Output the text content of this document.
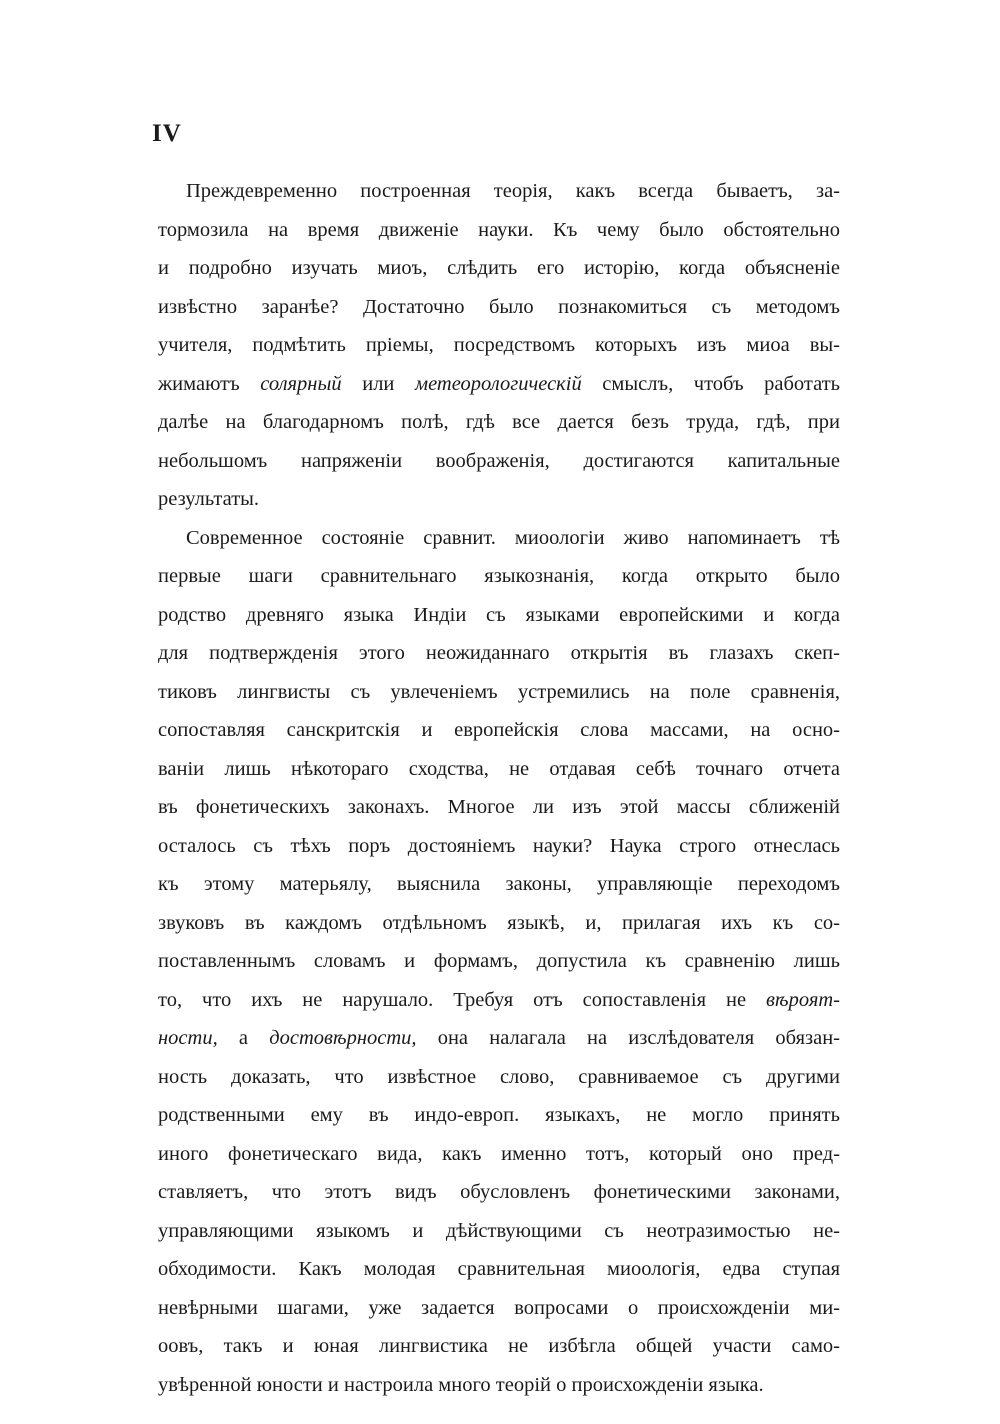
IV

Преждевременно построенная теорія, какъ всегда бываетъ, за-
тормозила на время движеніе науки. Къ чему было обстоятельно
и подробно изучать миоъ, слѣдить его исторію, когда объясненіе
извѣстно заранѣе? Достаточно было познакомиться съ методомъ
учителя, подмѣтить пріемы, посредствомъ которыхъ изъ миоа вы-
жимаютъ солярный или метеорологическій смыслъ, чтобъ работать
далѣе на благодарномъ полѣ, гдѣ все дается безъ труда, гдѣ, при
небольшомъ напряженіи воображенія, достигаются капитальные
результаты.
Современное состояніе сравнит. миоологіи живо напоминаетъ тѣ
первые шаги сравнительнаго языкознанія, когда открыто было
родство древняго языка Индіи съ языками европейскими и когда
для подтвержденія этого неожиданнаго открытія въ глазахъ скеп-
тиковъ лингвисты съ увлеченіемъ устремились на поле сравненія,
сопоставляя санскритскія и европейскія слова массами, на осно-
ваніи лишь нѣкотораго сходства, не отдавая себѣ точнаго отчета
въ фонетическихъ законахъ. Многое ли изъ этой массы сближеній
осталось съ тѣхъ поръ достояніемъ науки? Наука строго отнеслась
къ этому матерьялу, выяснила законы, управляющіе переходомъ
звуковъ въ каждомъ отдѣльномъ языкѣ, и, прилагая ихъ къ со-
поставленнымъ словамъ и формамъ, допустила къ сравненію лишь
то, что ихъ не нарушало. Требуя отъ сопоставленія не вѣроят-
ности, а достовѣрности, она налагала на изслѣдователя обязан-
ность доказать, что извѣстное слово, сравниваемое съ другими
родственными ему въ индо-европ. языкахъ, не могло принять
иного фонетическаго вида, какъ именно тотъ, который оно пред-
ставляетъ, что этотъ видъ обусловленъ фонетическими законами,
управляющими языкомъ и дѣйствующими съ неотразимостью не-
обходимости. Какъ молодая сравнительная миоологія, едва ступая
невѣрными шагами, уже задается вопросами о происхожденіи ми-
оовъ, такъ и юная лингвистика не избѣгла общей участи само-
увѣренной юности и настроила много теорій о происхожденіи языка.
